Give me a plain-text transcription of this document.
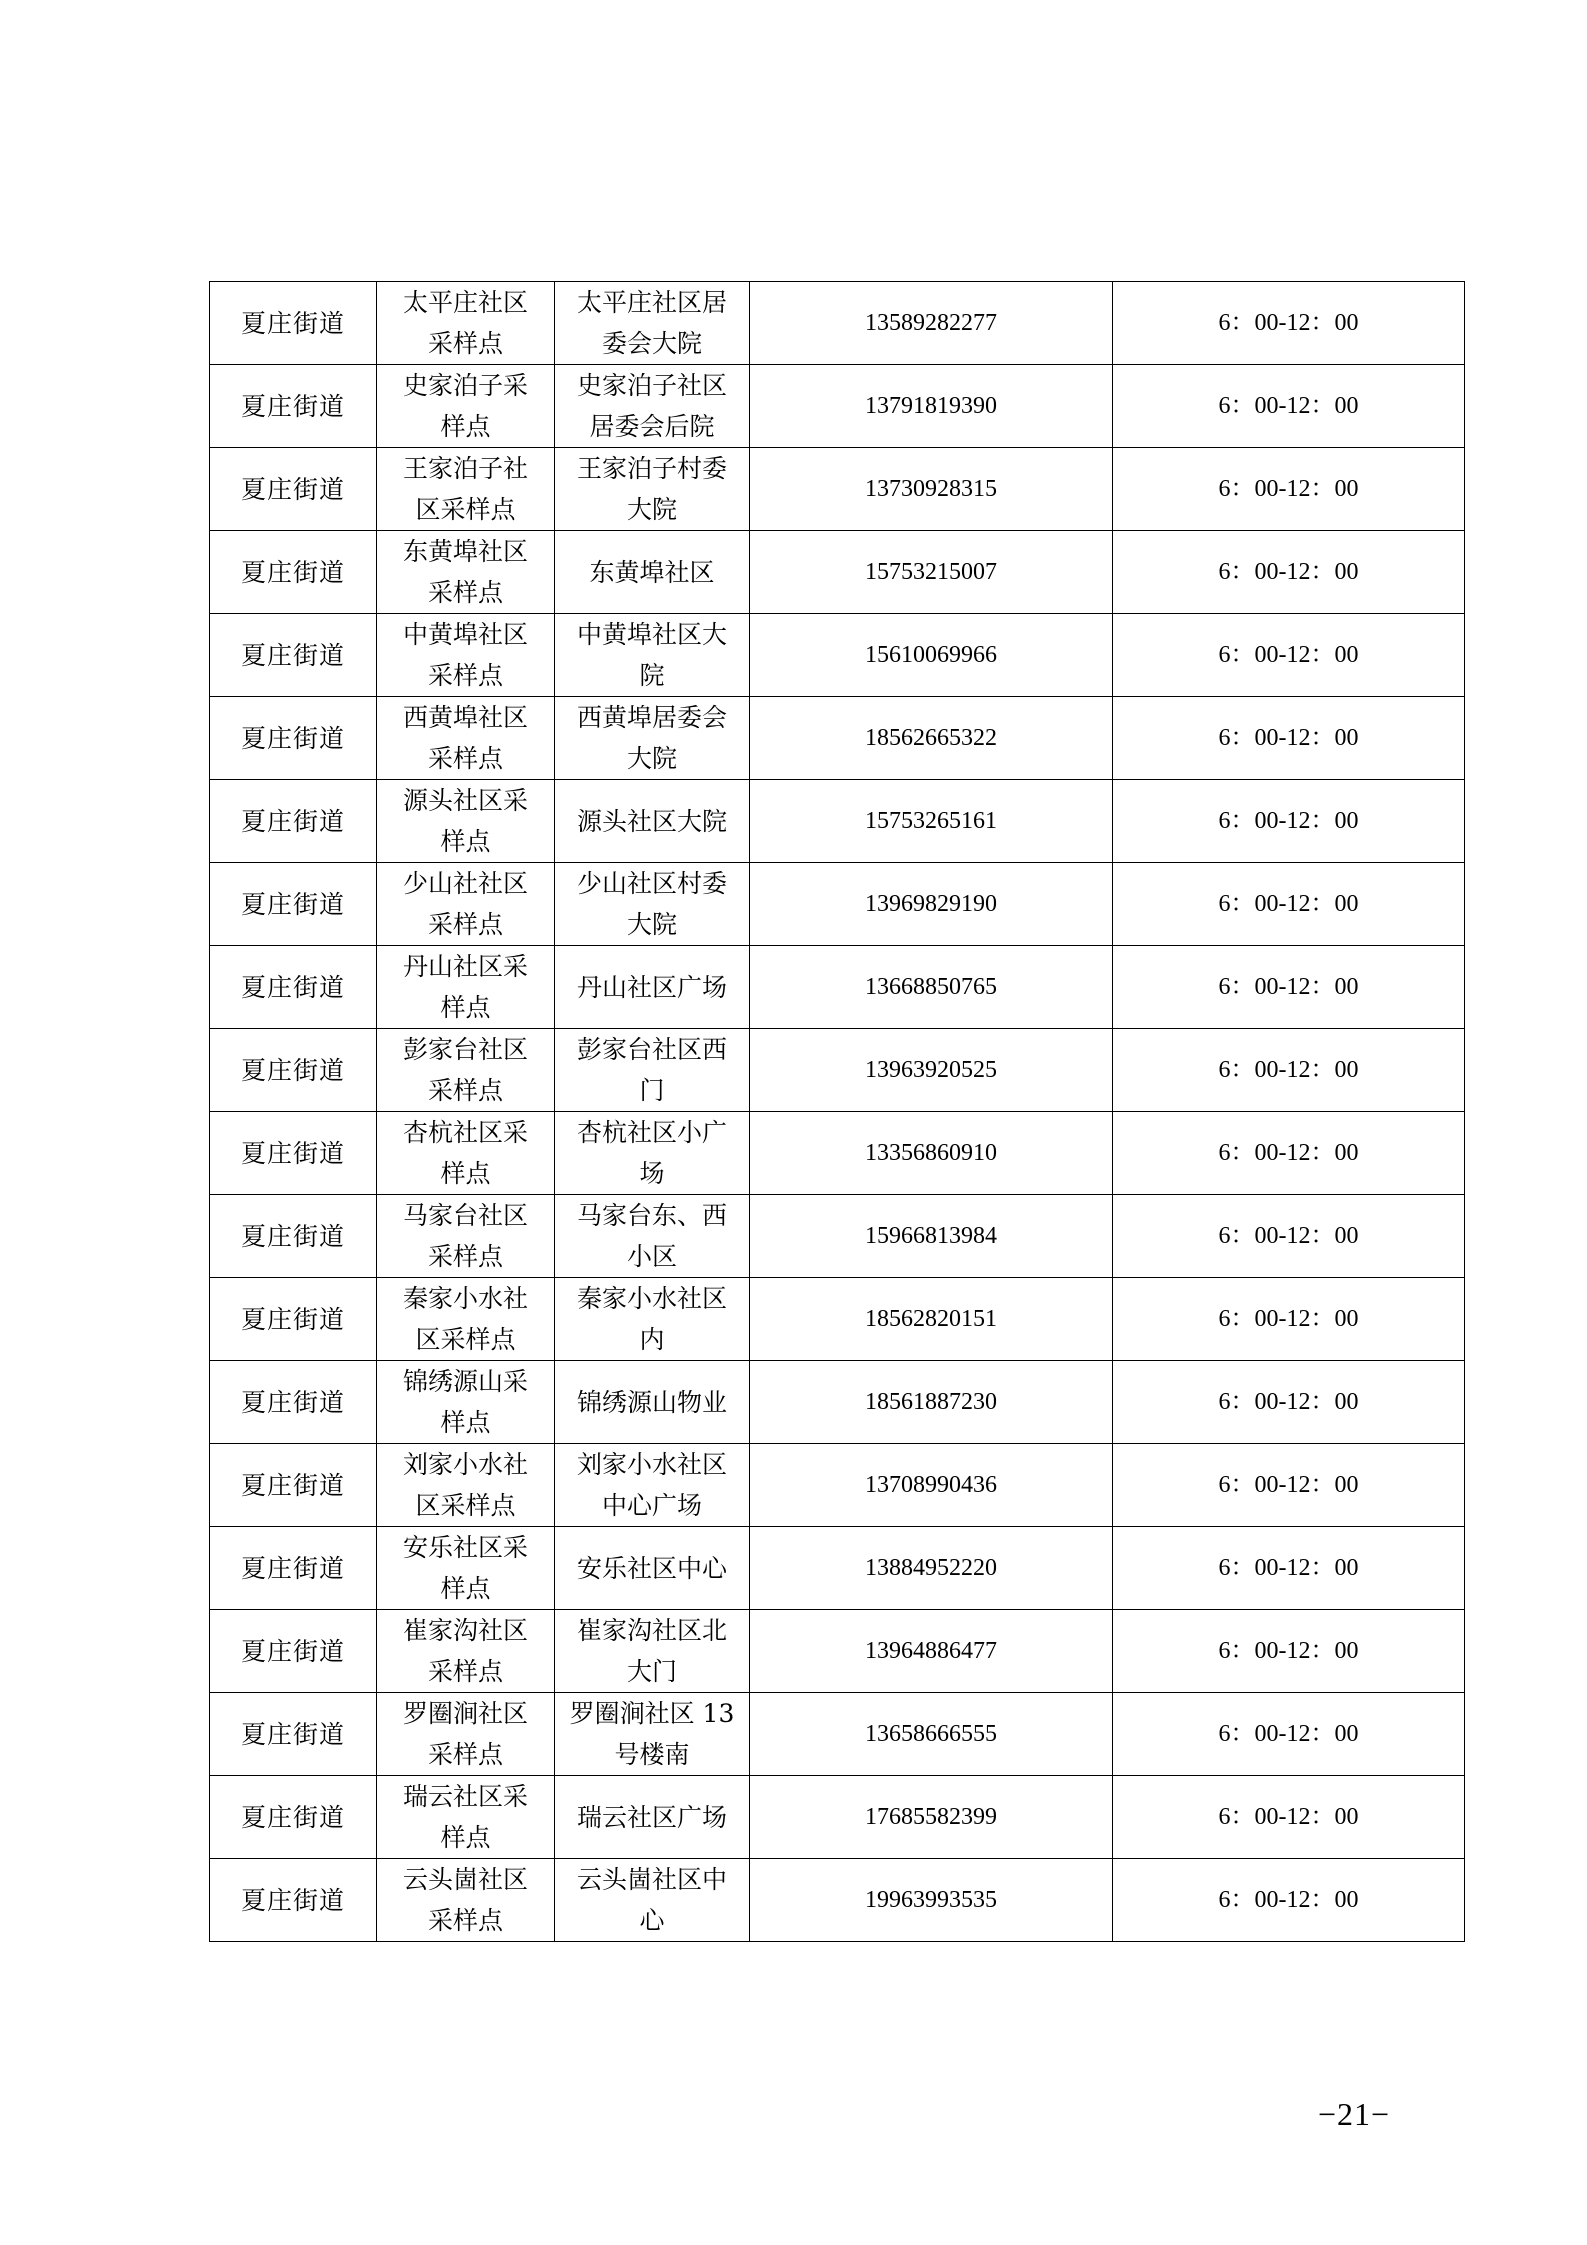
夏庄街道	太平庄社区采样点	太平庄社区居委会大院	13589282277	6：00-12：00
夏庄街道	史家泊子采样点	史家泊子社区居委会后院	13791819390	6：00-12：00
夏庄街道	王家泊子社区采样点	王家泊子村委大院	13730928315	6：00-12：00
夏庄街道	东黄埠社区采样点	东黄埠社区	15753215007	6：00-12：00
夏庄街道	中黄埠社区采样点	中黄埠社区大院	15610069966	6：00-12：00
夏庄街道	西黄埠社区采样点	西黄埠居委会大院	18562665322	6：00-12：00
夏庄街道	源头社区采样点	源头社区大院	15753265161	6：00-12：00
夏庄街道	少山社社区采样点	少山社区村委大院	13969829190	6：00-12：00
夏庄街道	丹山社区采样点	丹山社区广场	13668850765	6：00-12：00
夏庄街道	彭家台社区采样点	彭家台社区西门	13963920525	6：00-12：00
夏庄街道	杏杭社区采样点	杏杭社区小广场	13356860910	6：00-12：00
夏庄街道	马家台社区采样点	马家台东、西小区	15966813984	6：00-12：00
夏庄街道	秦家小水社区采样点	秦家小水社区内	18562820151	6：00-12：00
夏庄街道	锦绣源山采样点	锦绣源山物业	18561887230	6：00-12：00
夏庄街道	刘家小水社区采样点	刘家小水社区中心广场	13708990436	6：00-12：00
夏庄街道	安乐社区采样点	安乐社区中心	13884952220	6：00-12：00
夏庄街道	崔家沟社区采样点	崔家沟社区北大门	13964886477	6：00-12：00
夏庄街道	罗圈涧社区采样点	罗圈涧社区 13 号楼南	13658666555	6：00-12：00
夏庄街道	瑞云社区采样点	瑞云社区广场	17685582399	6：00-12：00
夏庄街道	云头崮社区采样点	云头崮社区中心	19963993535	6：00-12：00
−21−
